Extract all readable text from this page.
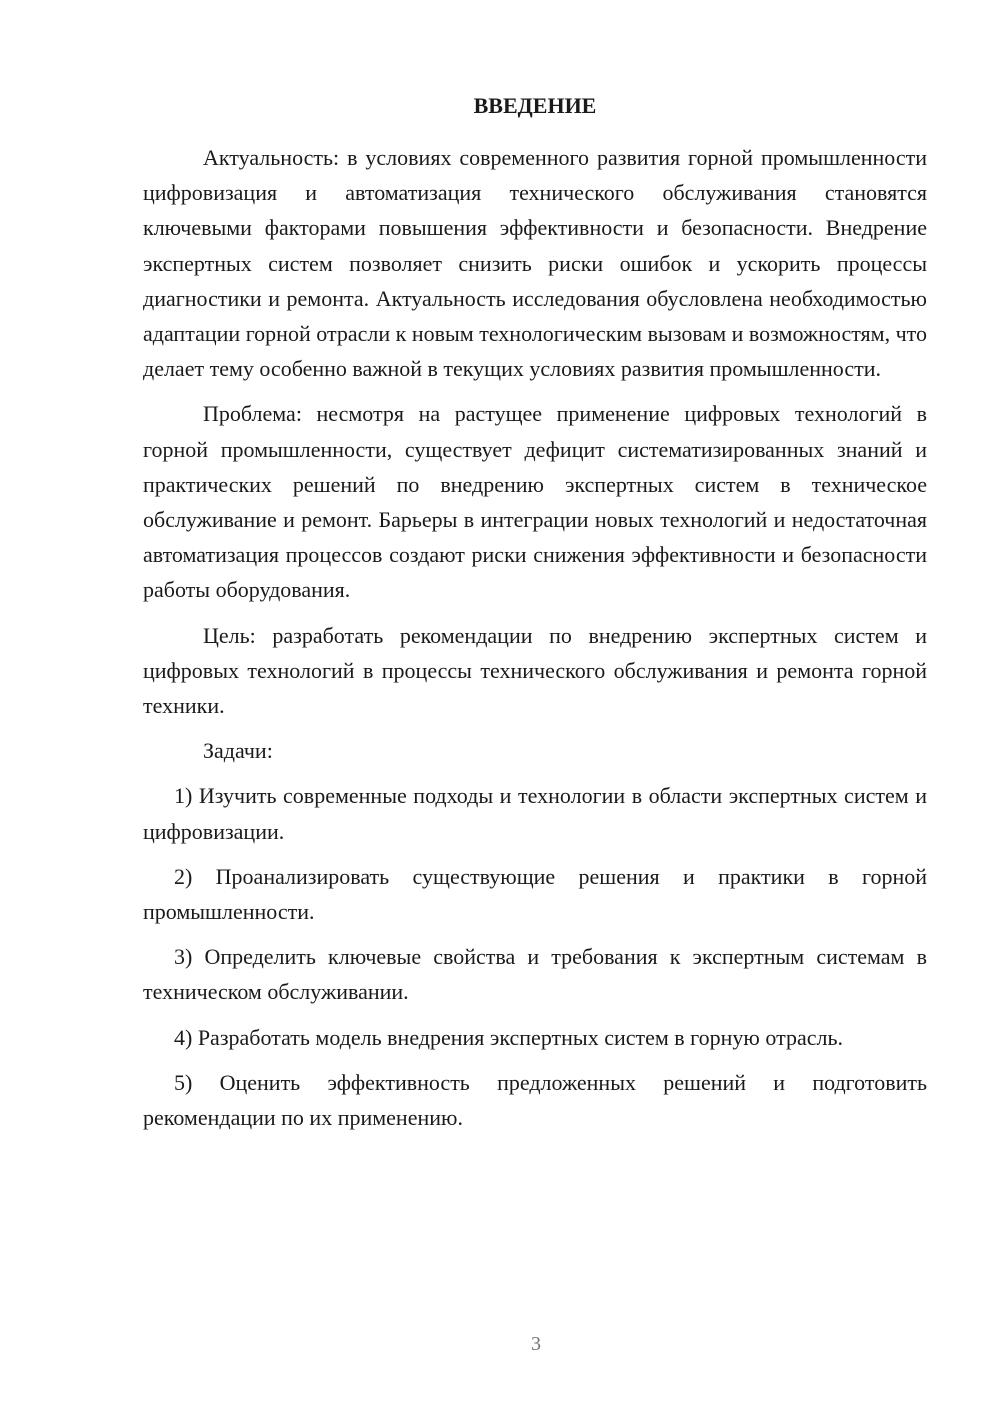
ВВЕДЕНИЕ

Актуальность: в условиях современного развития горной промышленности цифровизация и автоматизация технического обслуживания становятся ключевыми факторами повышения эффективности и безопасности. Внедрение экспертных систем позволяет снизить риски ошибок и ускорить процессы диагностики и ремонта. Актуальность исследования обусловлена необходимостью адаптации горной отрасли к новым технологическим вызовам и возможностям, что делает тему особенно важной в текущих условиях развития промышленности.

Проблема: несмотря на растущее применение цифровых технологий в горной промышленности, существует дефицит систематизированных знаний и практических решений по внедрению экспертных систем в техническое обслуживание и ремонт. Барьеры в интеграции новых технологий и недостаточная автоматизация процессов создают риски снижения эффективности и безопасности работы оборудования.

Цель: разработать рекомендации по внедрению экспертных систем и цифровых технологий в процессы технического обслуживания и ремонта горной техники.

Задачи:

1) Изучить современные подходы и технологии в области экспертных систем и цифровизации.

2) Проанализировать существующие решения и практики в горной промышленности.

3) Определить ключевые свойства и требования к экспертным системам в техническом обслуживании.

4) Разработать модель внедрения экспертных систем в горную отрасль.

5) Оценить эффективность предложенных решений и подготовить рекомендации по их применению.

3
